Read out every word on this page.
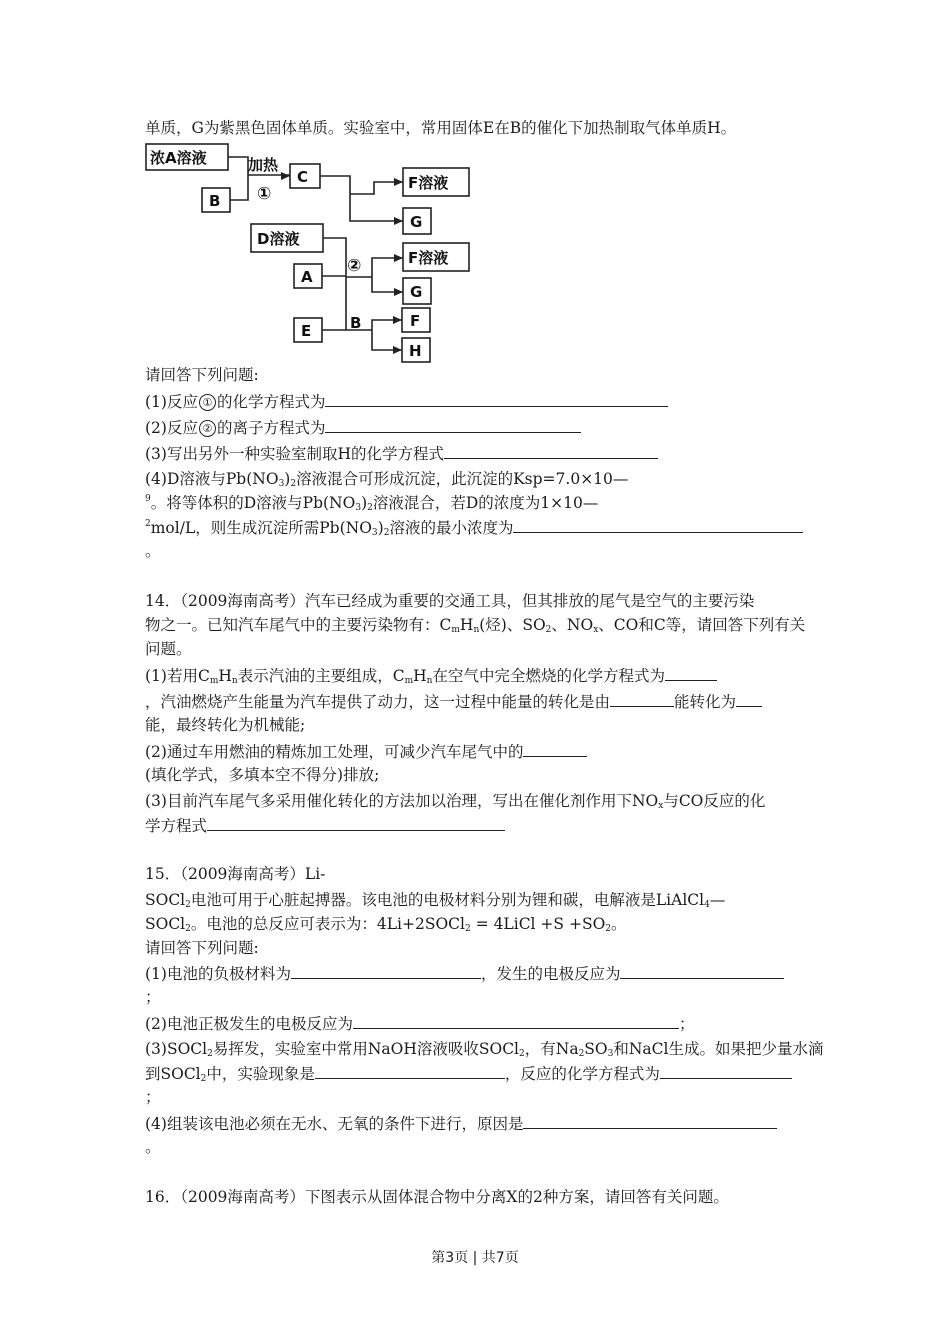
单质，G为紫黑色固体单质。实验室中，常用固体E在B的催化下加热制取气体单质H。
浓A溶液
B
C	F溶液
G
D溶液
A
F溶液
G
E
F
H
加热
①
②
B
请回答下列问题:
(1)反应 ① 的化学方程式为
(2)反应 ② 的离子方程式为
(3)写出另外一种实验室制取H的化学方程式
(4)D溶液与$Pb(NO_3)_2$溶液混合可形成沉淀，此沉淀的Ksp=7.0×10—
$^9$。将等体积的D溶液与$Pb(NO_3)_2$溶液混合，若D的浓度为1×10—
$^2$mol/L，则生成沉淀所需$Pb(NO_3)_2$溶液的最小浓度为
。
14．（2009海南高考）汽车已经成为重要的交通工具，但其排放的尾气是空气的主要污染
物之一。已知汽车尾气中的主要污染物有：$C_mH_n$(烃)、$SO_2$、$NO_x$、CO和C等，请回答下列有关
问题。
(1)若用$C_mH_n$表示汽油的主要组成，$C_mH_n$在空气中完全燃烧的化学方程式为
，汽油燃烧产生能量为汽车提供了动力，这一过程中能量的转化是由	能转化为
能，最终转化为机械能;
(2)通过车用燃油的精炼加工处理，可减少汽车尾气中的
(填化学式，多填本空不得分)排放;
(3)目前汽车尾气多采用催化转化的方法加以治理，写出在催化剂作用下$NO_x$与CO反应的化
学方程式
15．（2009海南高考）Li-
SOCl$_2$电池可用于心脏起搏器。该电池的电极材料分别为锂和碳，电解液是LiAlCl$_4$—
SOCl$_2$。电池的总反应可表示为：4Li+2SOCl$_2$ = 4LiCl $+S +SO_2$。
请回答下列问题:
(1)电池的负极材料为	，发生的电极反应为
；
(2)电池正极发生的电极反应为	；
(3)SOCl$_2$易挥发，实验室中常用NaOH溶液吸收SOCl$_2$，有$Na_2SO_3$和NaCl生成。如果把少量水滴
到SOCl$_2$中，实验现象是	，反应的化学方程式为
；
(4)组装该电池必须在无水、无氧的条件下进行，原因是
。
16．（2009海南高考）下图表示从固体混合物中分离X的2种方案，请回答有关问题。
第3页 | 共7页
